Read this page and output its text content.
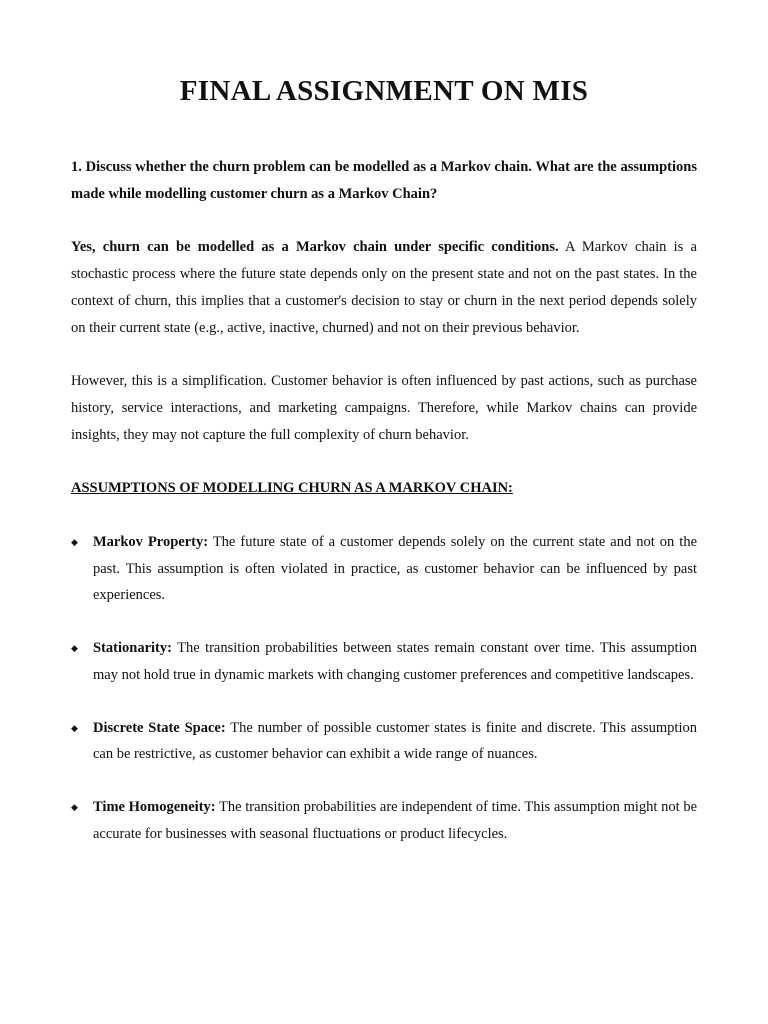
FINAL ASSIGNMENT ON MIS

1. Discuss whether the churn problem can be modelled as a Markov chain. What are the assumptions made while modelling customer churn as a Markov Chain?

Yes, churn can be modelled as a Markov chain under specific conditions. A Markov chain is a stochastic process where the future state depends only on the present state and not on the past states. In the context of churn, this implies that a customer's decision to stay or churn in the next period depends solely on their current state (e.g., active, inactive, churned) and not on their previous behavior.

However, this is a simplification. Customer behavior is often influenced by past actions, such as purchase history, service interactions, and marketing campaigns. Therefore, while Markov chains can provide insights, they may not capture the full complexity of churn behavior.

ASSUMPTIONS OF MODELLING CHURN AS A MARKOV CHAIN:

◆ Markov Property: The future state of a customer depends solely on the current state and not on the past. This assumption is often violated in practice, as customer behavior can be influenced by past experiences.
◆ Stationarity: The transition probabilities between states remain constant over time. This assumption may not hold true in dynamic markets with changing customer preferences and competitive landscapes.
◆ Discrete State Space: The number of possible customer states is finite and discrete. This assumption can be restrictive, as customer behavior can exhibit a wide range of nuances.
◆ Time Homogeneity: The transition probabilities are independent of time. This assumption might not be accurate for businesses with seasonal fluctuations or product lifecycles.
